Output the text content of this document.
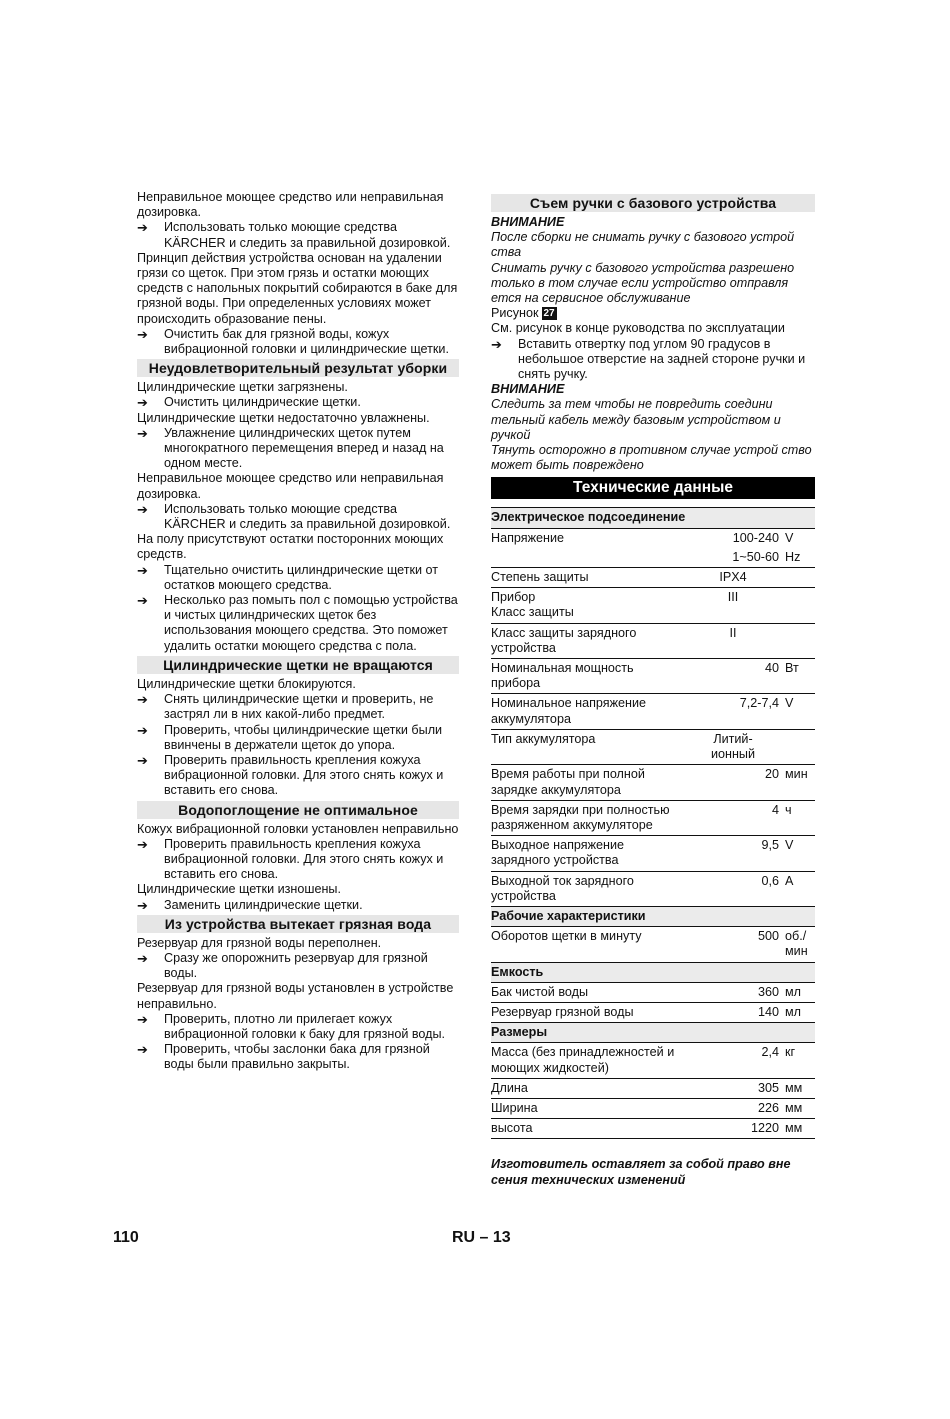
Неправильное моющее средство или неправильная дозировка.

➔ Использовать только моющие средства KÄRCHER и следить за правильной дозировкой.

Принцип действия устройства основан на удалении грязи со щеток. При этом грязь и остатки моющих средств с напольных покрытий собираются в баке для грязной воды. При определенных условиях может происходить образование пены.

➔ Очистить бак для грязной воды, кожух вибрационной головки и цилиндрические щетки.
Неудовлетворительный результат уборки

Цилиндрические щетки загрязнены.

➔ Очистить цилиндрические щетки.

Цилиндрические щетки недостаточно увлажнены.

➔ Увлажнение цилиндрических щеток путем многократного перемещения вперед и назад на одном месте.

Неправильное моющее средство или неправильная дозировка.

➔ Использовать только моющие средства KÄRCHER и следить за правильной дозировкой.

На полу присутствуют остатки посторонних моющих средств.

➔ Тщательно очистить цилиндрические щетки от остатков моющего средства.
➔ Несколько раз помыть пол с помощью устройства и чистых цилиндрических щеток без использования моющего средства. Это поможет удалить остатки моющего средства с пола.
Цилиндрические щетки не вращаются

Цилиндрические щетки блокируются.

➔ Снять цилиндрические щетки и проверить, не застрял ли в них какой-либо предмет.
➔ Проверить, чтобы цилиндрические щетки были ввинчены в держатели щеток до упора.
➔ Проверить правильность крепления кожуха вибрационной головки. Для этого снять кожух и вставить его снова.
Водопоглощение не оптимальное

Кожух вибрационной головки установлен неправильно

➔ Проверить правильность крепления кожуха вибрационной головки. Для этого снять кожух и вставить его снова.

Цилиндрические щетки изношены.

➔ Заменить цилиндрические щетки.
Из устройства вытекает грязная вода

Резервуар для грязной воды переполнен.

➔ Сразу же опорожнить резервуар для грязной воды.

Резервуар для грязной воды установлен в устройстве неправильно.

➔ Проверить, плотно ли прилегает кожух вибрационной головки к баку для грязной воды.
➔ Проверить, чтобы заслонки бака для грязной воды были правильно закрыты.
Съем ручки с базового устройства

ВНИМАНИЕ

После сборки не снимать ручку с базового устрой ства

Снимать ручку с базового устройства разрешено только в том случае если устройство отправля ется на сервисное обслуживание

Рисунок 27

См. рисунок в конце руководства по эксплуатации

➔ Вставить отвертку под углом 90 градусов в небольшое отверстие на задней стороне ручки и снять ручку.

ВНИМАНИЕ

Следить за тем чтобы не повредить соедини тельный кабель между базовым устройством и ручкой

Тянуть осторожно в противном случае устрой ство может быть повреждено

Технические данные
Электрическое подсоединение		
Напряжение	100-240	V
	1~50-60	Hz
Степень защиты	IPX4	
Прибор
Класс защиты	III	
Класс защиты зарядного устройства	II	
Номинальная мощность прибора	40	Вт
Номинальное напряжение аккумулятора	7,2-7,4	V
Тип аккумулятора	Литий-
ионный	
Время работы при полной зарядке аккумулятора	20	мин
Время зарядки при полностью разряженном аккумуляторе	4	ч
Выходное напряжение зарядного устройства	9,5	V
Выходной ток зарядного устройства	0,6	A
Рабочие характеристики		
Оборотов щетки в минуту	500	об./мин
Емкость		
Бак чистой воды	360	мл
Резервуар грязной воды	140	мл
Размеры		
Масса (без принадлежностей и моющих жидкостей)	2,4	кг
Длина	305	мм
Ширина	226	мм
высота	1220	мм

Изготовитель оставляет за собой право вне сения технических изменений

110	RU – 13
